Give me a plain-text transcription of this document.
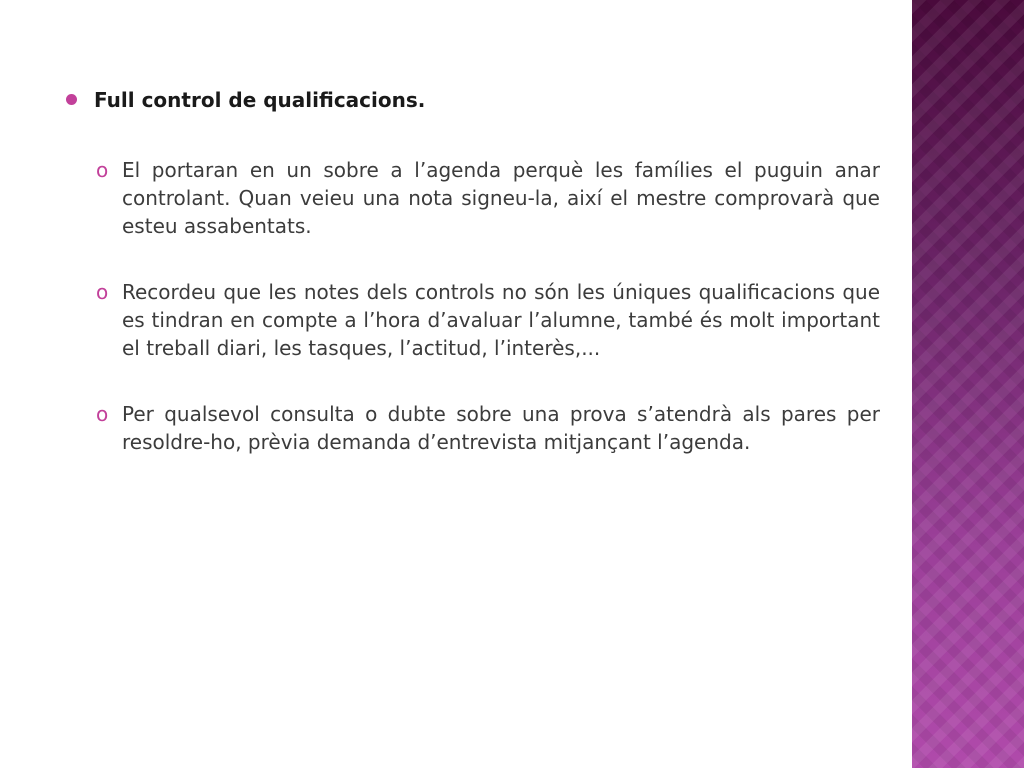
Full control de qualificacions.
o El portaran en un sobre a l’agenda perquè les famílies el puguin anar controlant. Quan veieu una nota signeu-la, així el mestre comprovarà que esteu assabentats.
o Recordeu que les notes dels controls no són les úniques qualificacions que es tindran en compte a l’hora d’avaluar l’alumne, també és molt important el treball diari, les tasques, l’actitud, l’interès,...
o Per qualsevol consulta o dubte sobre una prova s’atendrà als pares per resoldre-ho, prèvia demanda d’entrevista mitjançant l’agenda.
